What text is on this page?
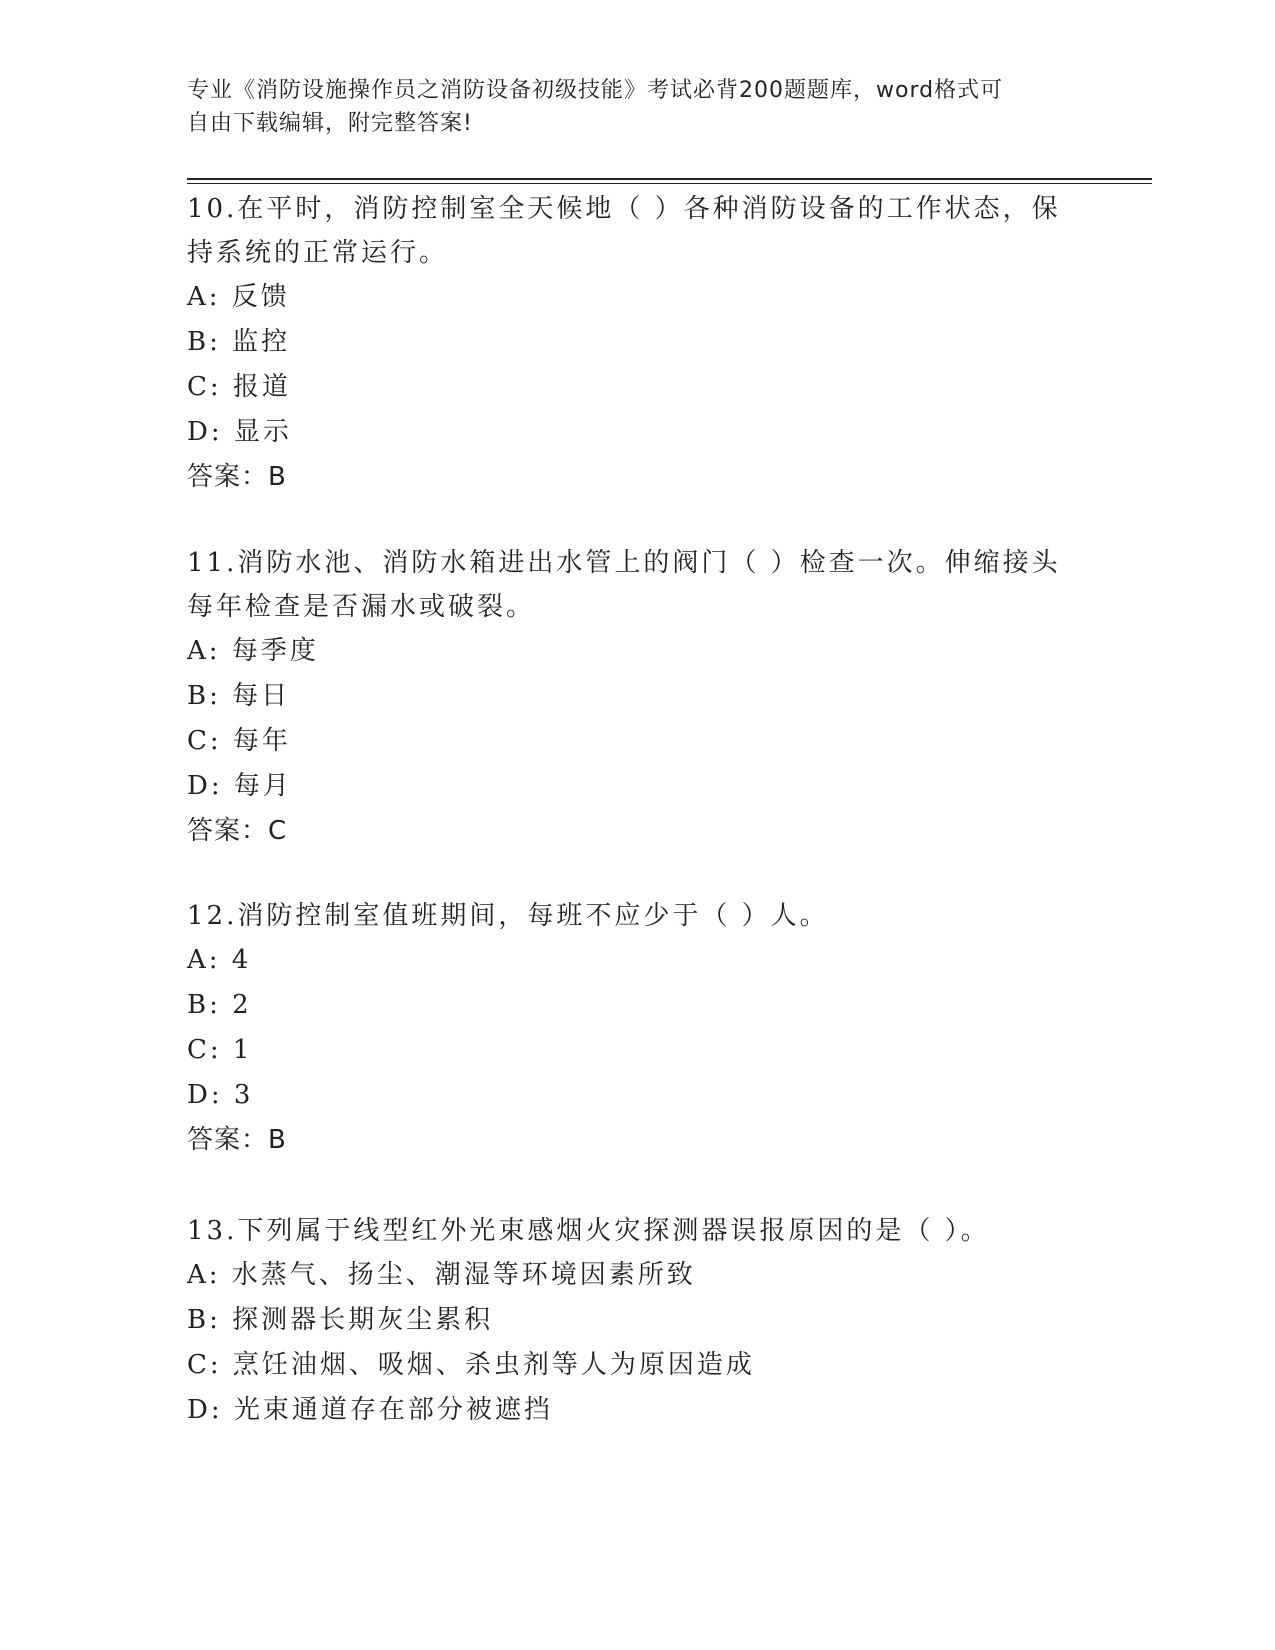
专业《消防设施操作员之消防设备初级技能》考试必背200题题库，word格式可
自由下载编辑，附完整答案!

10.在平时，消防控制室全天候地（ ）各种消防设备的工作状态，保

持系统的正常运行。

A: 反馈

B: 监控

C: 报道

D: 显示

答案：B

11.消防水池、消防水箱进出水管上的阀门（ ）检查一次。伸缩接头

每年检查是否漏水或破裂。

A: 每季度

B: 每日

C: 每年

D: 每月

答案：C

12.消防控制室值班期间，每班不应少于（ ）人。

A: 4

B: 2

C: 1

D: 3

答案：B

13.下列属于线型红外光束感烟火灾探测器误报原因的是（ ）。

A: 水蒸气、扬尘、潮湿等环境因素所致

B: 探测器长期灰尘累积

C: 烹饪油烟、吸烟、杀虫剂等人为原因造成

D: 光束通道存在部分被遮挡
